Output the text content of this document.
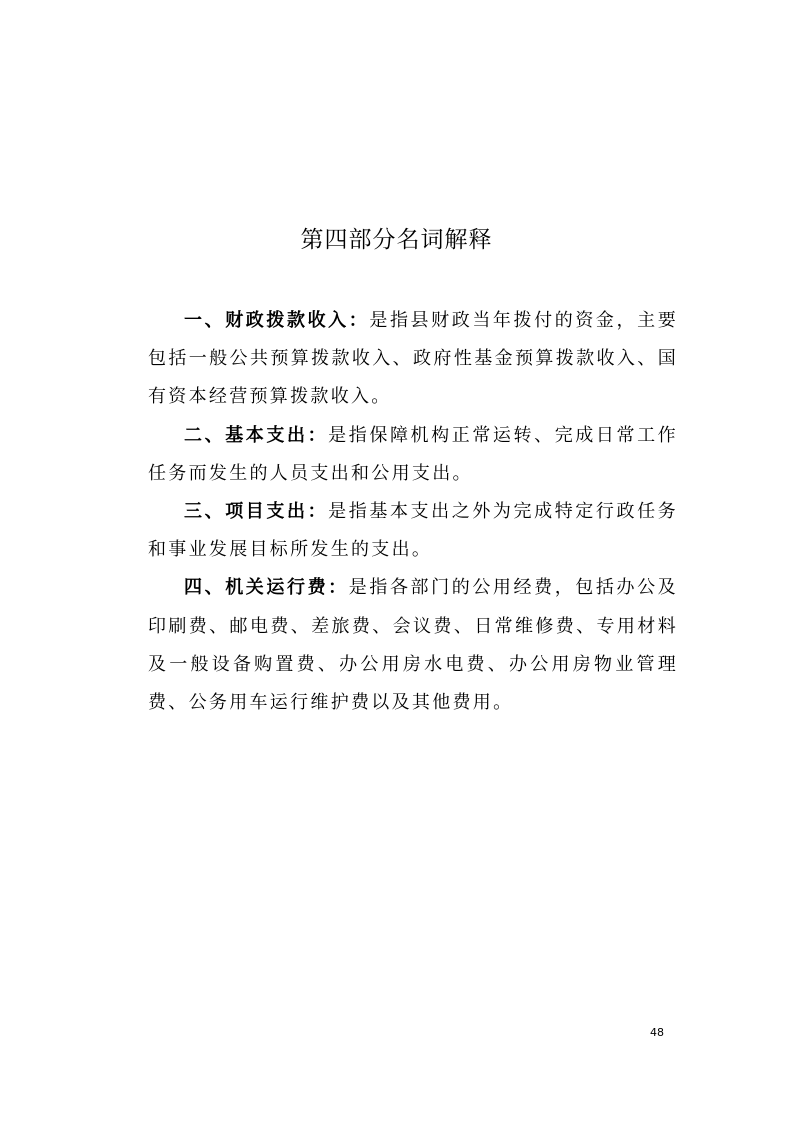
第四部分名词解释

一、财政拨款收入：是指县财政当年拨付的资金，主要包括一般公共预算拨款收入、政府性基金预算拨款收入、国有资本经营预算拨款收入。

二、基本支出：是指保障机构正常运转、完成日常工作任务而发生的人员支出和公用支出。

三、项目支出：是指基本支出之外为完成特定行政任务和事业发展目标所发生的支出。

四、机关运行费：是指各部门的公用经费，包括办公及印刷费、邮电费、差旅费、会议费、日常维修费、专用材料及一般设备购置费、办公用房水电费、办公用房物业管理费、公务用车运行维护费以及其他费用。

48
